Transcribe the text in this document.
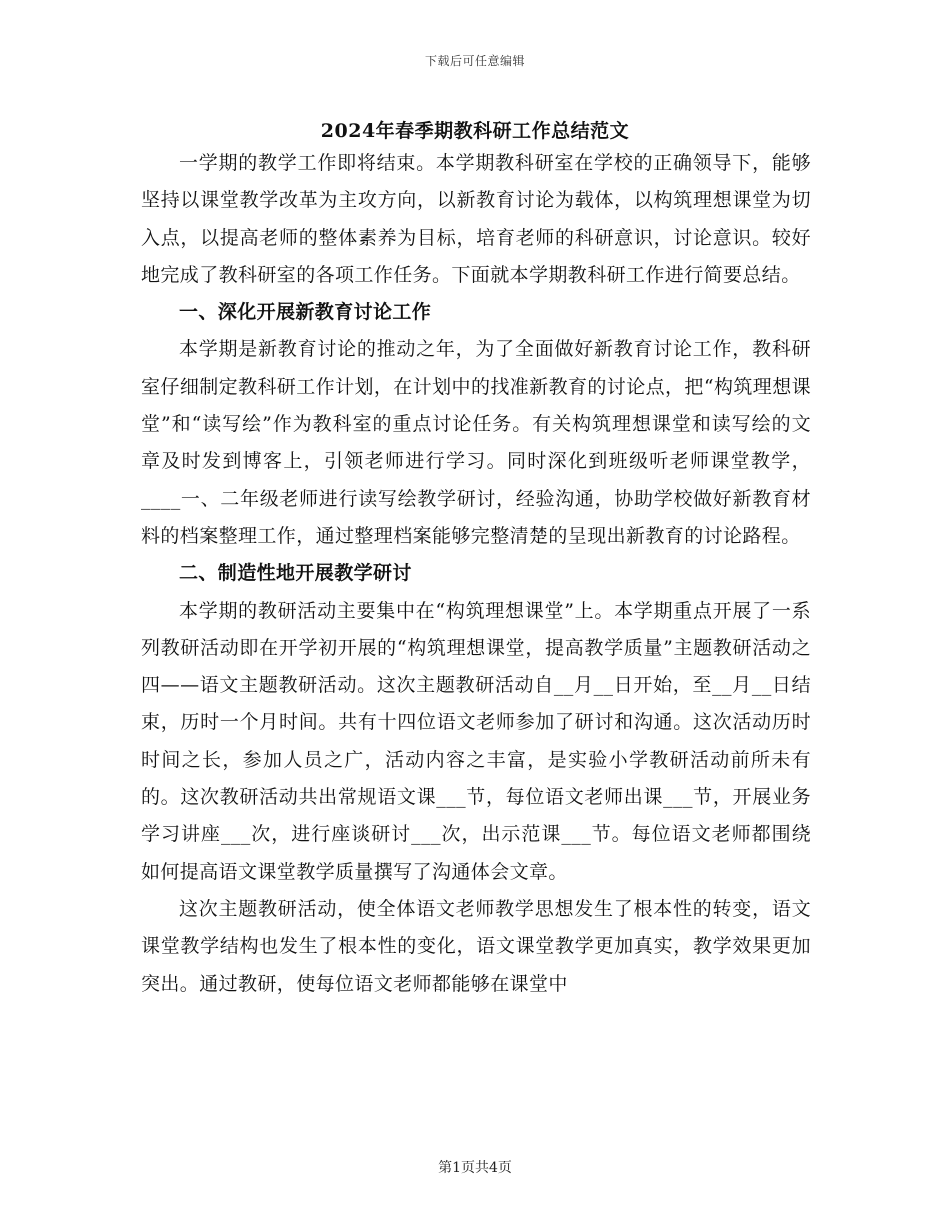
下载后可任意编辑
2024年春季期教科研工作总结范文

一学期的教学工作即将结束。本学期教科研室在学校的正确领导下，能够坚持以课堂教学改革为主攻方向，以新教育讨论为载体，以构筑理想课堂为切入点，以提高老师的整体素养为目标，培育老师的科研意识，讨论意识。较好地完成了教科研室的各项工作任务。下面就本学期教科研工作进行简要总结。

一、深化开展新教育讨论工作

本学期是新教育讨论的推动之年，为了全面做好新教育讨论工作，教科研室仔细制定教科研工作计划，在计划中的找准新教育的讨论点，把“构筑理想课堂”和“读写绘”作为教科室的重点讨论任务。有关构筑理想课堂和读写绘的文章及时发到博客上，引领老师进行学习。同时深化到班级听老师课堂教学，____一、二年级老师进行读写绘教学研讨，经验沟通，协助学校做好新教育材料的档案整理工作，通过整理档案能够完整清楚的呈现出新教育的讨论路程。

二、制造性地开展教学研讨

本学期的教研活动主要集中在“构筑理想课堂”上。本学期重点开展了一系列教研活动即在开学初开展的“构筑理想课堂，提高教学质量”主题教研活动之四——语文主题教研活动。这次主题教研活动自__月__日开始，至__月__日结束，历时一个月时间。共有十四位语文老师参加了研讨和沟通。这次活动历时时间之长，参加人员之广，活动内容之丰富，是实验小学教研活动前所未有的。这次教研活动共出常规语文课___节，每位语文老师出课___节，开展业务学习讲座___次，进行座谈研讨___次，出示范课___节。每位语文老师都围绕如何提高语文课堂教学质量撰写了沟通体会文章。

这次主题教研活动，使全体语文老师教学思想发生了根本性的转变，语文课堂教学结构也发生了根本性的变化，语文课堂教学更加真实，教学效果更加突出。通过教研，使每位语文老师都能够在课堂中

第1页共4页
